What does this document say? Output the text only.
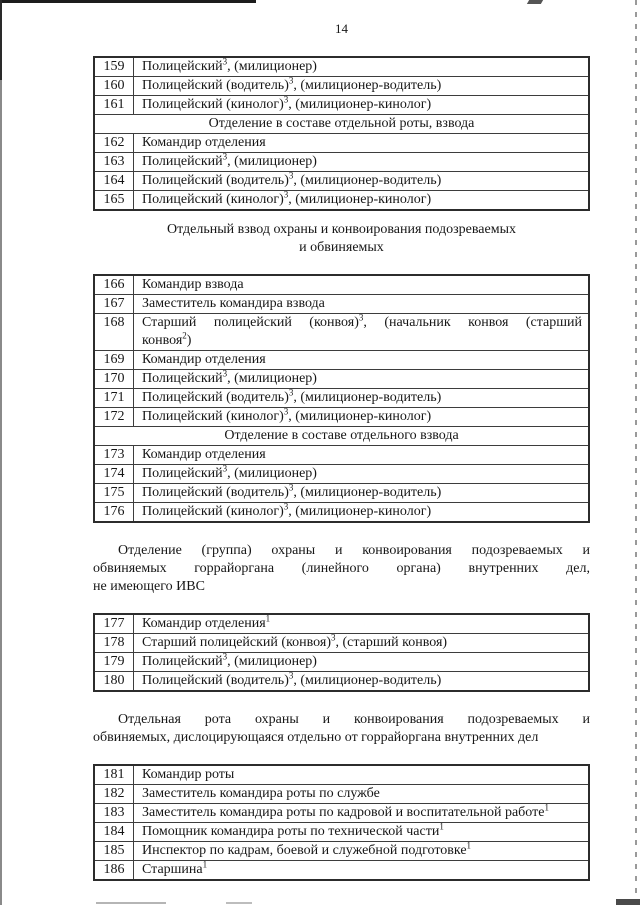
14
159	Полицейский$^3$, (милиционер)
160	Полицейский (водитель)$^3$, (милиционер-водитель)
161	Полицейский (кинолог)$^3$, (милиционер-кинолог)
Отделение в составе отдельной роты, взвода
162	Командир отделения
163	Полицейский$^3$, (милиционер)
164	Полицейский (водитель)$^3$, (милиционер-водитель)
165	Полицейский (кинолог)$^3$, (милиционер-кинолог)
Отдельный взвод охраны и конвоирования подозреваемых
и обвиняемых
166	Командир взвода
167	Заместитель командира взвода
168	Старший полицейский (конвоя)$^3$, (начальник конвоя (старший
конвоя$^2$)
169	Командир отделения
170	Полицейский$^3$, (милиционер)
171	Полицейский (водитель)$^3$, (милиционер-водитель)
172	Полицейский (кинолог)$^3$, (милиционер-кинолог)
Отделение в составе отдельного взвода
173	Командир отделения
174	Полицейский$^3$, (милиционер)
175	Полицейский (водитель)$^3$, (милиционер-водитель)
176	Полицейский (кинолог)$^3$, (милиционер-кинолог)
Отделение (группа) охраны и конвоирования подозреваемых и
обвиняемых горрайоргана (линейного органа) внутренних дел,
не имеющего ИВС
177	Командир отделения$^1$
178	Старший полицейский (конвоя)$^3$, (старший конвоя)
179	Полицейский$^3$, (милиционер)
180	Полицейский (водитель)$^3$, (милиционер-водитель)
Отдельная рота охраны и конвоирования подозреваемых и
обвиняемых, дислоцирующаяся отдельно от горрайоргана внутренних дел
181	Командир роты
182	Заместитель командира роты по службе
183	Заместитель командира роты по кадровой и воспитательной работе$^1$
184	Помощник командира роты по технической части$^1$
185	Инспектор по кадрам, боевой и служебной подготовке$^1$
186	Старшина$^1$
